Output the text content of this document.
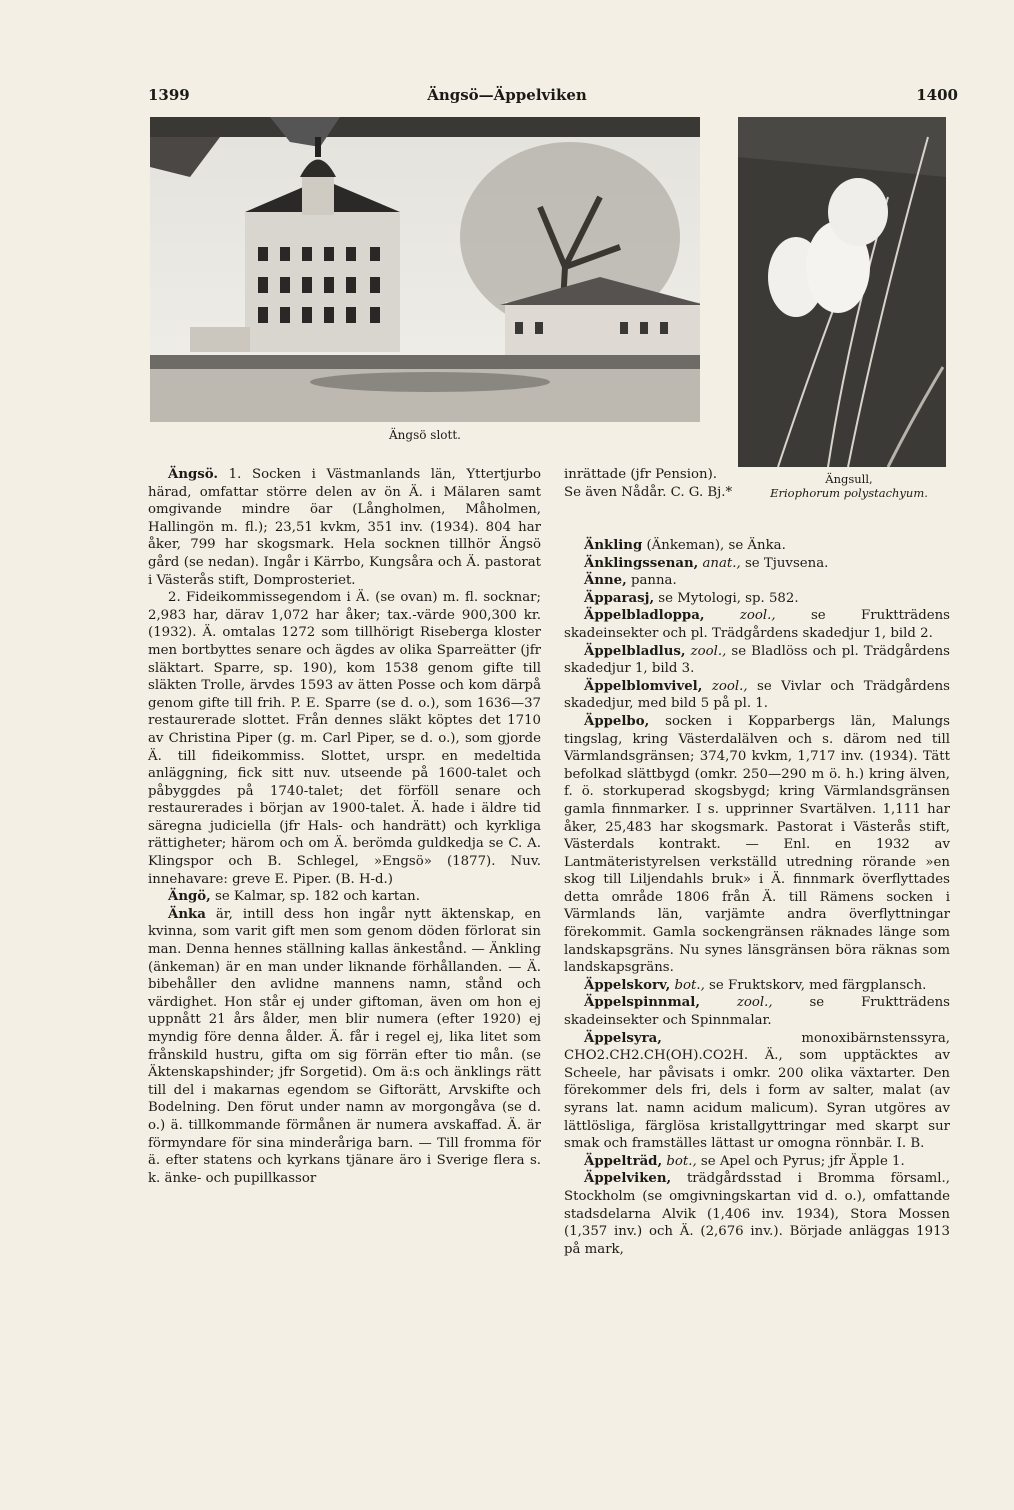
1399	Ängsö—Äppelviken	1400
Ängsö slott.
Ängsull,
Eriophorum polystachyum.

Ängsö. 1. Socken i Västmanlands län, Yttertjurbo härad, omfattar större delen av ön Ä. i Mälaren samt omgivande mindre öar (Långholmen, Måholmen, Hallingön m. fl.); 23,51 kvkm, 351 inv. (1934). 804 har åker, 799 har skogsmark. Hela socknen tillhör Ängsö gård (se nedan). Ingår i Kärrbo, Kungsåra och Ä. pastorat i Västerås stift, Domprosteriet.

2. Fideikommissegendom i Ä. (se ovan) m. fl. socknar; 2,983 har, därav 1,072 har åker; tax.-värde 900,300 kr. (1932). Ä. omtalas 1272 som tillhörigt Riseberga kloster men bortbyttes senare och ägdes av olika Sparreätter (jfr släktart. Sparre, sp. 190), kom 1538 genom gifte till släkten Trolle, ärvdes 1593 av ätten Posse och kom därpå genom gifte till frih. P. E. Sparre (se d. o.), som 1636—37 restaurerade slottet. Från dennes släkt köptes det 1710 av Christina Piper (g. m. Carl Piper, se d. o.), som gjorde Ä. till fideikommiss. Slottet, urspr. en medeltida anläggning, fick sitt nuv. utseende på 1600-talet och påbyggdes på 1740-talet; det förföll senare och restaurerades i början av 1900-talet. Ä. hade i äldre tid säregna judiciella (jfr Hals- och handrätt) och kyrkliga rättigheter; härom och om Ä. berömda guldkedja se C. A. Klingspor och B. Schlegel, »Engsö» (1877). Nuv. innehavare: greve E. Piper. (B. H-d.)

Ängö, se Kalmar, sp. 182 och kartan.

Änka är, intill dess hon ingår nytt äktenskap, en kvinna, som varit gift men som genom döden förlorat sin man. Denna hennes ställning kallas änkestånd. — Änkling (änkeman) är en man under liknande förhållanden. — Ä. bibehåller den avlidne mannens namn, stånd och värdighet. Hon står ej under giftoman, även om hon ej uppnått 21 års ålder, men blir numera (efter 1920) ej myndig före denna ålder. Ä. får i regel ej, lika litet som frånskild hustru, gifta om sig förrän efter tio mån. (se Äktenskapshinder; jfr Sorgetid). Om ä:s och änklings rätt till del i makarnas egendom se Giftorätt, Arvskifte och Bodelning. Den förut under namn av morgongåva (se d. o.) ä. tillkommande förmånen är numera avskaffad. Ä. är förmyndare för sina minderåriga barn. — Till fromma för ä. efter statens och kyrkans tjänare äro i Sverige flera s. k. änke- och pupillkassor

inrättade (jfr Pension). Se även Nådår. C. G. Bj.*

Änkling (Änkeman), se Änka.

Änklingssenan, anat., se Tjuvsena.

Änne, panna.

Äpparasj, se Mytologi, sp. 582.

Äppelbladloppa, zool., se Fruktträdens skadeinsekter och pl. Trädgårdens skadedjur 1, bild 2.

Äppelbladlus, zool., se Bladlöss och pl. Trädgårdens skadedjur 1, bild 3.

Äppelblomvivel, zool., se Vivlar och Trädgårdens skadedjur, med bild 5 på pl. 1.

Äppelbo, socken i Kopparbergs län, Malungs tingslag, kring Västerdalälven och s. därom ned till Värmlandsgränsen; 374,70 kvkm, 1,717 inv. (1934). Tätt befolkad slättbygd (omkr. 250—290 m ö. h.) kring älven, f. ö. storkuperad skogsbygd; kring Värmlandsgränsen gamla finnmarker. I s. upprinner Svartälven. 1,111 har åker, 25,483 har skogsmark. Pastorat i Västerås stift, Västerdals kontrakt. — Enl. en 1932 av Lantmäteristyrelsen verkställd utredning rörande »en skog till Liljendahls bruk» i Ä. finnmark överflyttades detta område 1806 från Ä. till Rämens socken i Värmlands län, varjämte andra överflyttningar förekommit. Gamla sockengränsen räknades länge som landskapsgräns. Nu synes länsgränsen böra räknas som landskapsgräns.

Äppelskorv, bot., se Fruktskorv, med färgplansch.

Äppelspinnmal, zool., se Fruktträdens skadeinsekter och Spinnmalar.

Äppelsyra, monoxibärnstenssyra, CHO2.CH2.CH(OH).CO2H. Ä., som upptäcktes av Scheele, har påvisats i omkr. 200 olika växtarter. Den förekommer dels fri, dels i form av salter, malat (av syrans lat. namn acidum malicum). Syran utgöres av lättlösliga, färglösa kristallgyttringar med skarpt sur smak och framställes lättast ur omogna rönnbär. I. B.

Äppelträd, bot., se Apel och Pyrus; jfr Äpple 1.

Äppelviken, trädgårdsstad i Bromma församl., Stockholm (se omgivningskartan vid d. o.), omfattande stadsdelarna Alvik (1,406 inv. 1934), Stora Mossen (1,357 inv.) och Ä. (2,676 inv.). Började anläggas 1913 på mark,
